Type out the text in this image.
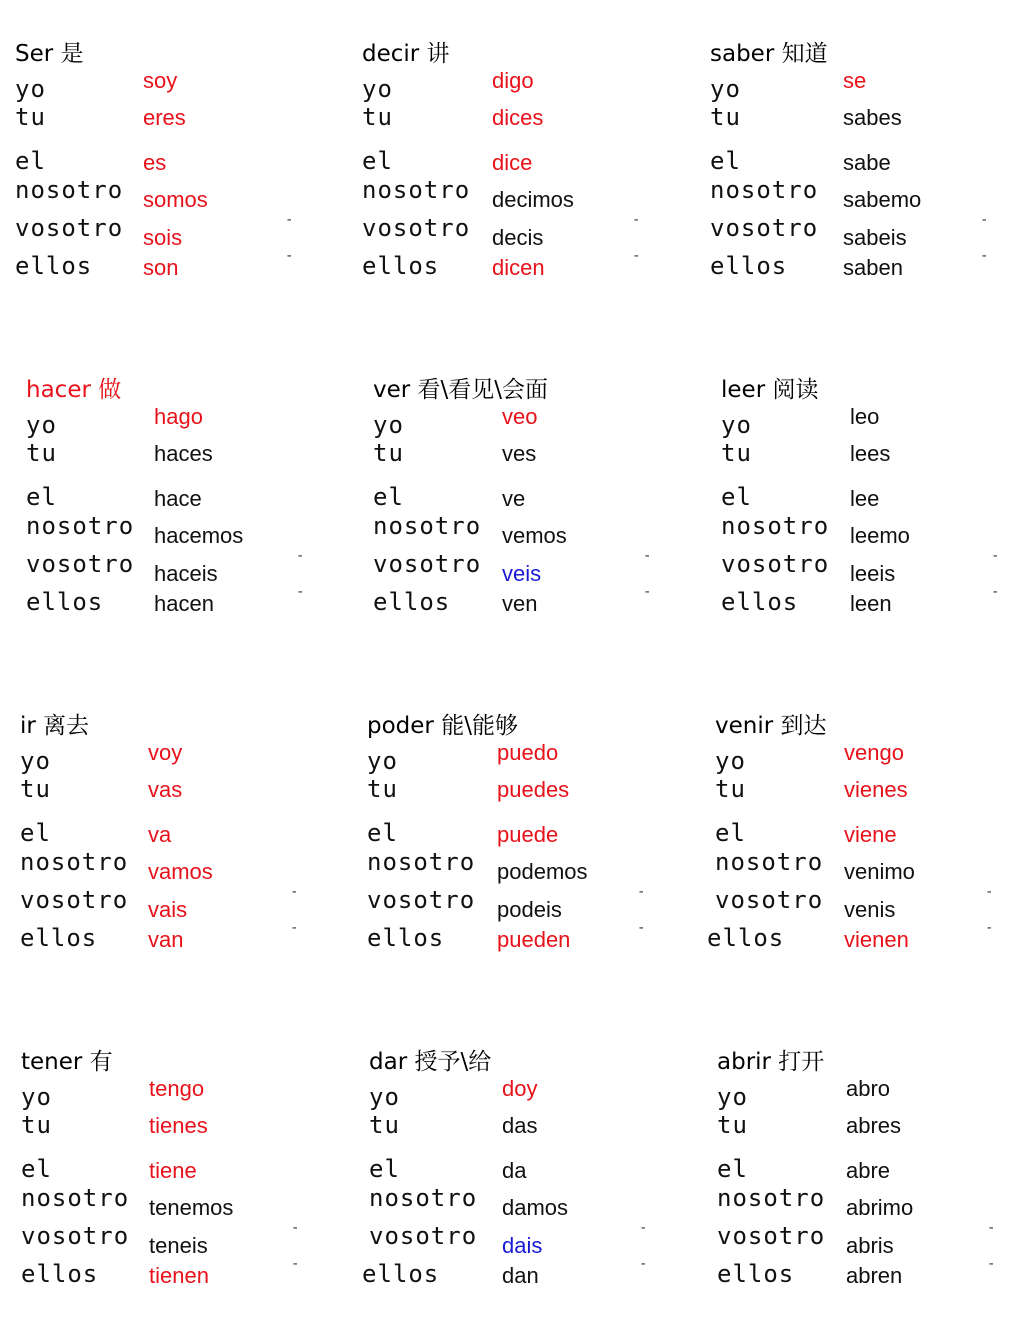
Ser 是
yo
tu
el
nosotro
vosotro
ellos
-
-
soy
eres
es
somos
sois
son
decir 讲
yo
tu
el
nosotro
vosotro
ellos
-
-
digo
dices
dice
decimos
decis
dicen
saber 知道
yo
tu
el
nosotro
vosotro
ellos
-
-
se
sabes
sabe
sabemo
sabeis
saben
hacer 做
yo
tu
el
nosotro
vosotro
ellos
-
-
hago
haces
hace
hacemos
haceis
hacen
ver 看\看见\会面
yo
tu
el
nosotro
vosotro
ellos
-
-
veo
ves
ve
vemos
veis
ven
leer 阅读
yo
tu
el
nosotro
vosotro
ellos
-
-
leo
lees
lee
leemo
leeis
leen
ir 离去
yo
tu
el
nosotro
vosotro
ellos
-
-
voy
vas
va
vamos
vais
van
poder 能\能够
yo
tu
el
nosotro
vosotro
ellos
-
-
puedo
puedes
puede
podemos
podeis
pueden
venir 到达
yo
tu
el
nosotro
vosotro
ellos
-
-
vengo
vienes
viene
venimo
venis
vienen
tener 有
yo
tu
el
nosotro
vosotro
ellos
-
-
tengo
tienes
tiene
tenemos
teneis
tienen
dar 授予\给
yo
tu
el
nosotro
vosotro
ellos
-
-
doy
das
da
damos
dais
dan
abrir 打开
yo
tu
el
nosotro
vosotro
ellos
-
-
abro
abres
abre
abrimo
abris
abren
